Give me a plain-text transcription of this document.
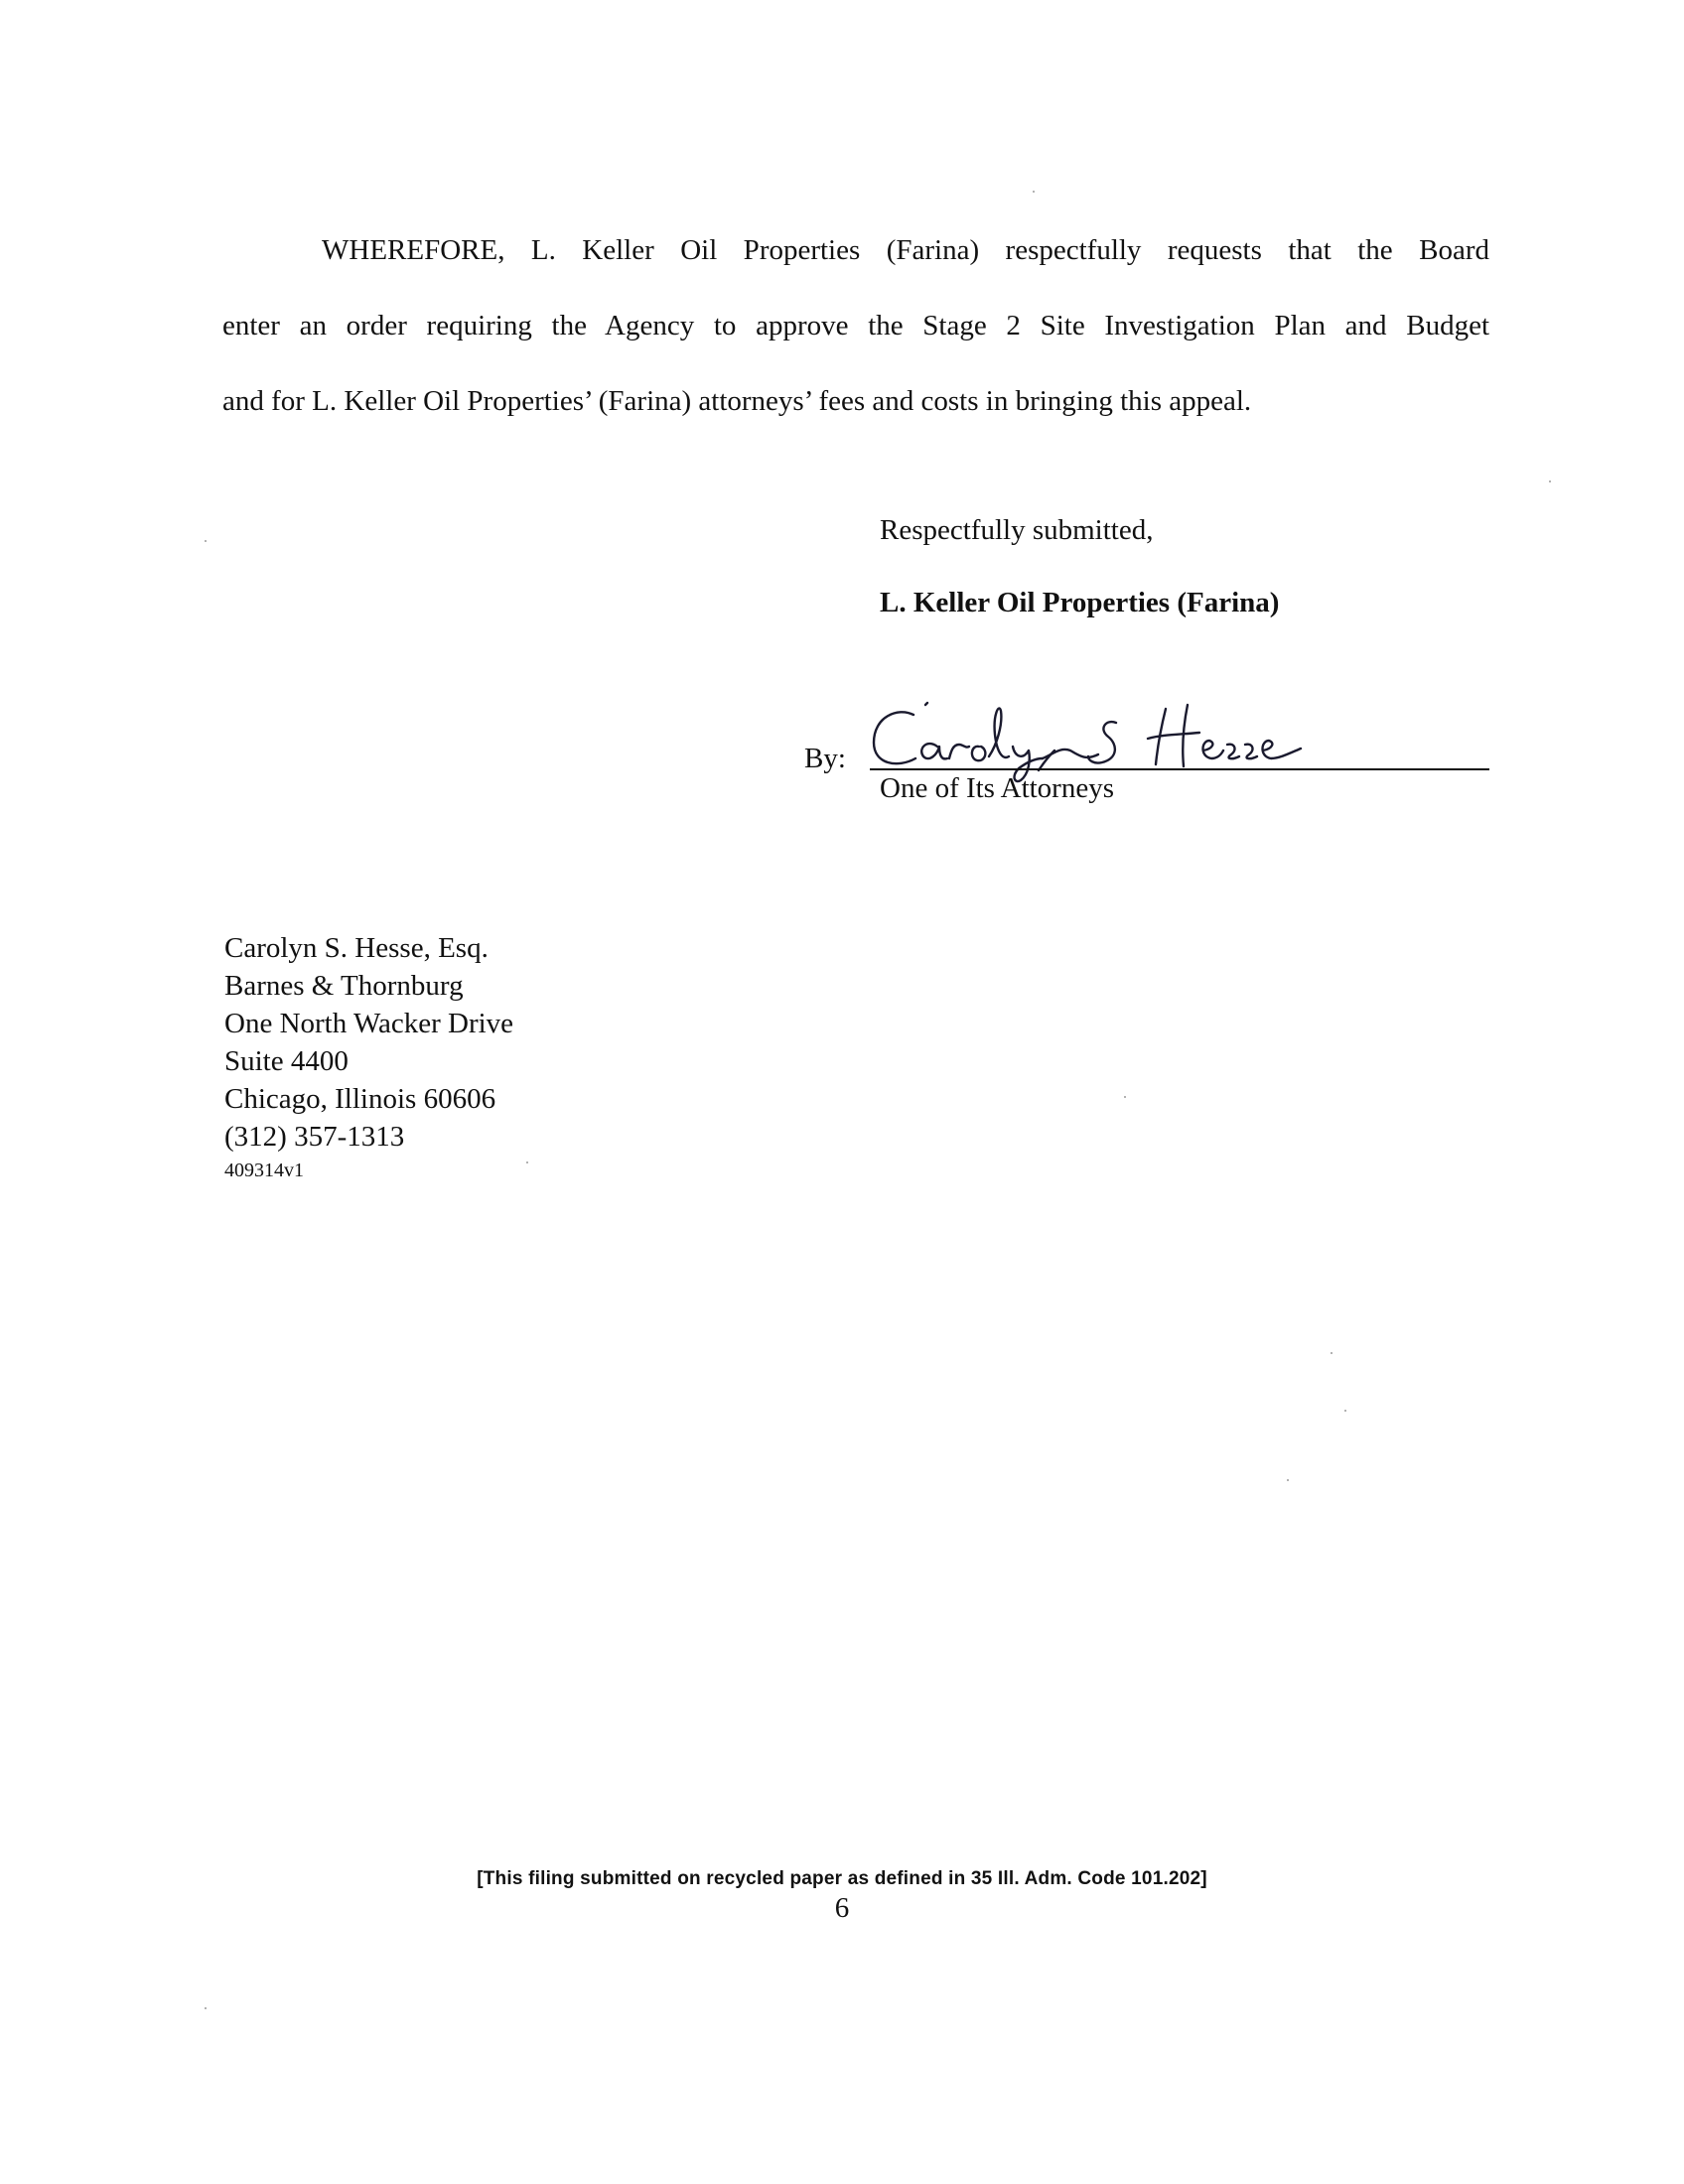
WHEREFORE, L. Keller Oil Properties (Farina) respectfully requests that the Board
enter an order requiring the Agency to approve the Stage 2 Site Investigation Plan and Budget
and for L. Keller Oil Properties’ (Farina) attorneys’ fees and costs in bringing this appeal.

Respectfully submitted,
L. Keller Oil Properties (Farina)
By:
Carolyn S Hesse
One of Its Attorneys
Carolyn S. Hesse, Esq.
Barnes & Thornburg
One North Wacker Drive
Suite 4400
Chicago, Illinois 60606
(312) 357-1313
409314v1
[This filing submitted on recycled paper as defined in 35 Ill. Adm. Code 101.202]
6
